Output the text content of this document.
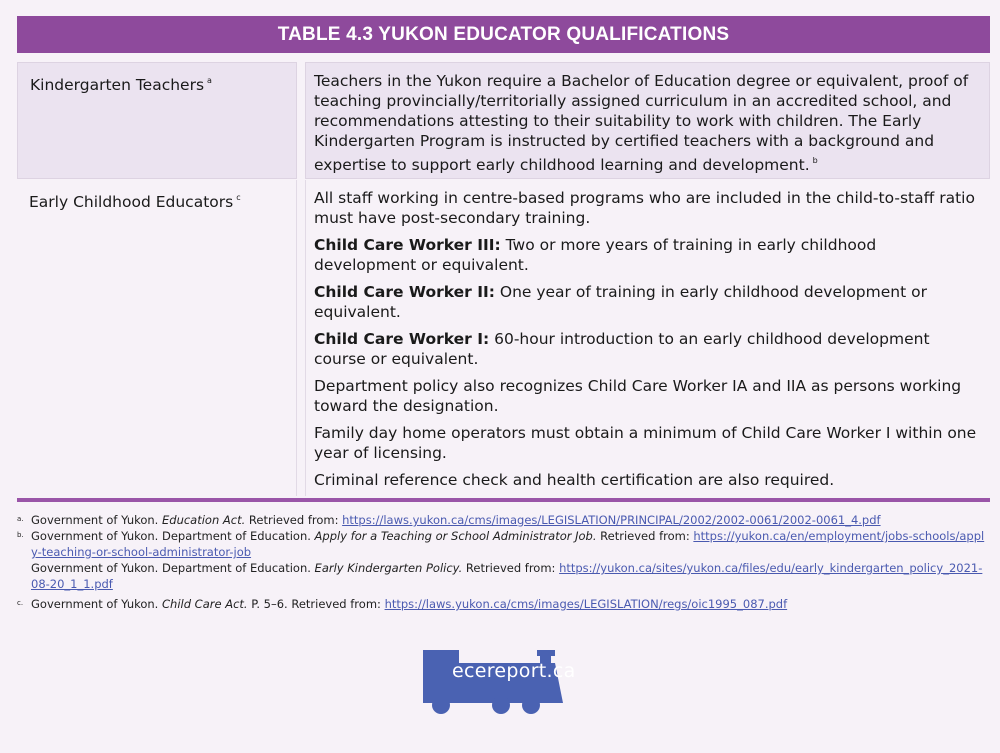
TABLE 4.3 YUKON EDUCATOR QUALIFICATIONS
Kindergarten Teachers $^a$	Teachers in the Yukon require a Bachelor of Education degree or equivalent, proof of teaching provincially/territorially assigned curriculum in an accredited school, and recommendations attesting to their suitability to work with children. The Early Kindergarten Program is instructed by certified teachers with a background and expertise to support early childhood learning and development. $^b$
Early Childhood Educators $^c$	All staff working in centre-based programs who are included in the child-to-staff ratio must have post-secondary training.
Child Care Worker III: Two or more years of training in early childhood development or equivalent.
Child Care Worker II: One year of training in early childhood development or equivalent.
Child Care Worker I: 60-hour introduction to an early childhood development course or equivalent.
Department policy also recognizes Child Care Worker IA and IIA as persons working toward the designation.
Family day home operators must obtain a minimum of Child Care Worker I within one year of licensing.
Criminal reference check and health certification are also required.
a. Government of Yukon. Education Act. Retrieved from: https://laws.yukon.ca/cms/images/LEGISLATION/PRINCIPAL/2002/2002-0061/2002-0061_4.pdf
b. Government of Yukon. Department of Education. Apply for a Teaching or School Administrator Job. Retrieved from: https://yukon.ca/en/employment/jobs-schools/apply-teaching-or-school-administrator-job
Government of Yukon. Department of Education. Early Kindergarten Policy. Retrieved from: https://yukon.ca/sites/yukon.ca/files/edu/early_kindergarten_policy_2021-08-20_1_1.pdf
c. Government of Yukon. Child Care Act. P. 5–6. Retrieved from: https://laws.yukon.ca/cms/images/LEGISLATION/regs/oic1995_087.pdf
ecereport.ca
